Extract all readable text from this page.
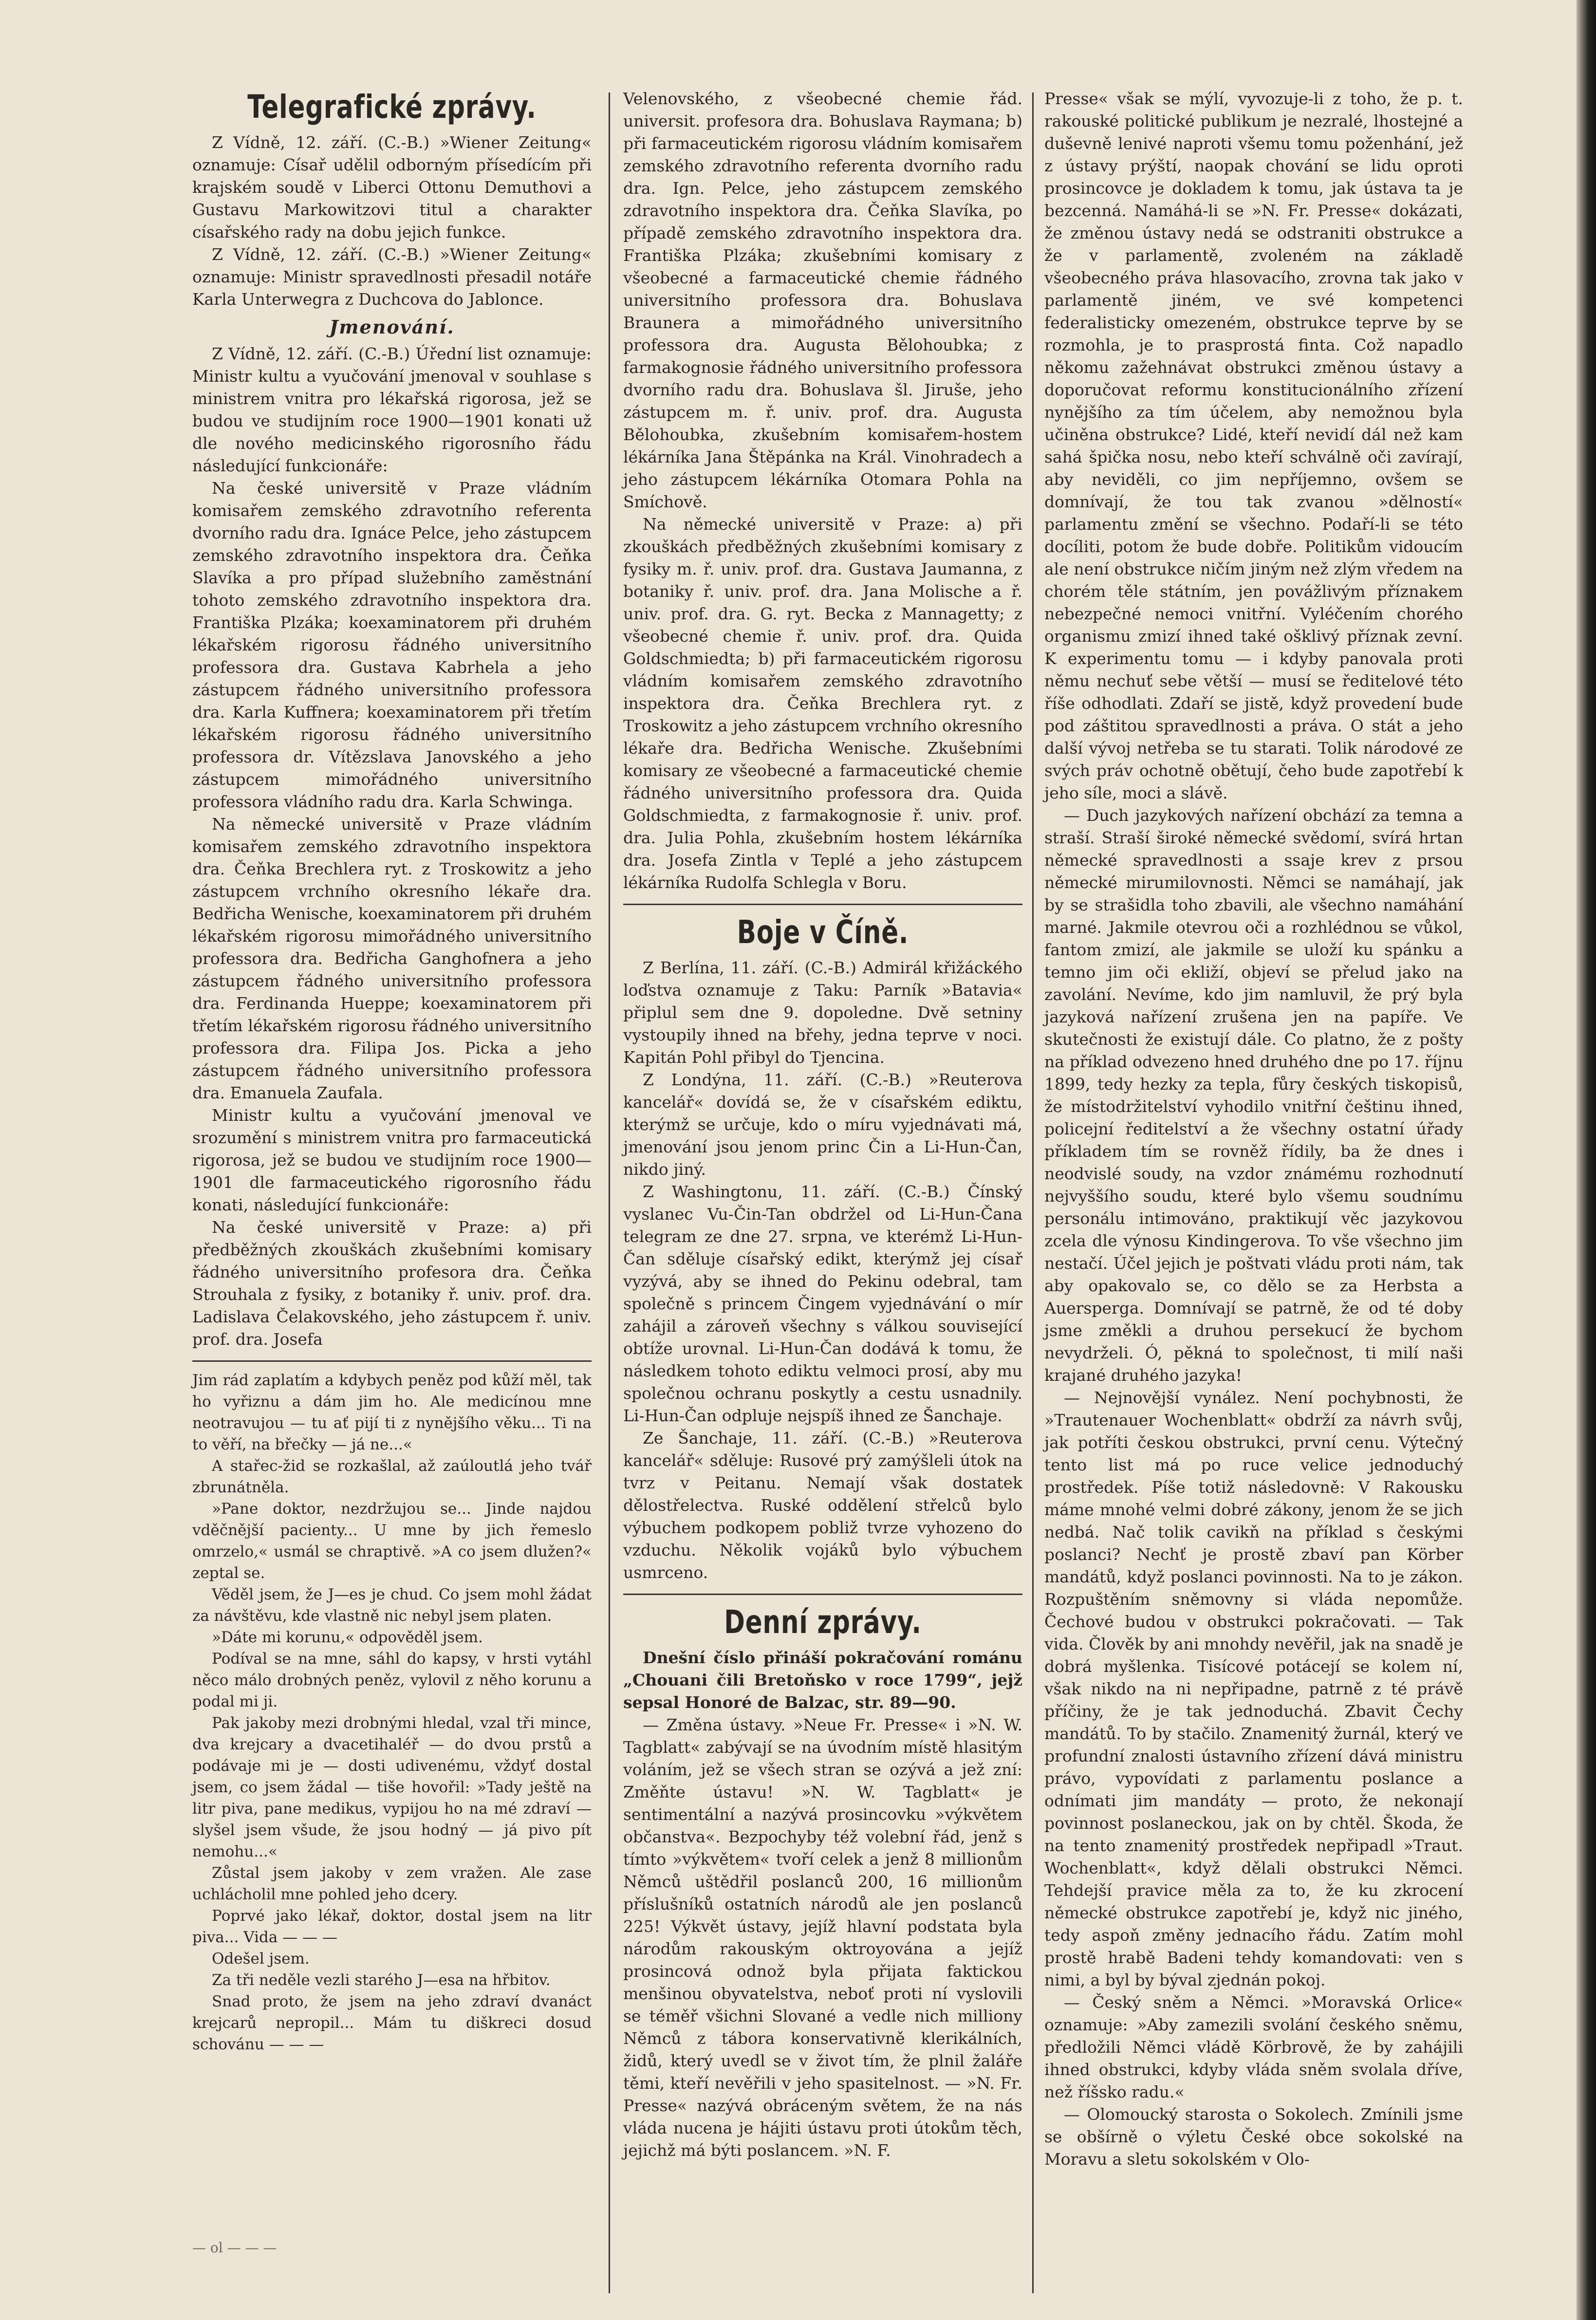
Telegrafické zprávy.

Z Vídně, 12. září. (C.-B.) »Wiener Zeitung« oznamuje: Císař udělil odborným přísedícím při krajském soudě v Liberci Ottonu Demuthovi a Gustavu Markowitzovi titul a charakter císařského rady na dobu jejich funkce.

Z Vídně, 12. září. (C.-B.) »Wiener Zeitung« oznamuje: Ministr spravedlnosti přesadil notáře Karla Unterwegra z Duchcova do Jablonce.

Jmenování.

Z Vídně, 12. září. (C.-B.) Úřední list oznamuje: Ministr kultu a vyučování jmenoval v souhlase s ministrem vnitra pro lékařská rigorosa, jež se budou ve studijním roce 1900—1901 konati už dle nového medicinského rigorosního řádu následující funkcionáře:

Na české universitě v Praze vládním komisařem zemského zdravotního referenta dvorního radu dra. Ignáce Pelce, jeho zástupcem zemského zdravotního inspektora dra. Čeňka Slavíka a pro případ služebního zaměstnání tohoto zemského zdravotního inspektora dra. Františka Plzáka; koexaminatorem při druhém lékařském rigorosu řádného universitního professora dra. Gustava Kabrhela a jeho zástupcem řádného universitního professora dra. Karla Kuffnera; koexaminatorem při třetím lékařském rigorosu řádného universitního professora dr. Vítězslava Janovského a jeho zástupcem mimořádného universitního professora vládního radu dra. Karla Schwinga.

Na německé universitě v Praze vládním komisařem zemského zdravotního inspektora dra. Čeňka Brechlera ryt. z Troskowitz a jeho zástupcem vrchního okresního lékaře dra. Bedřicha Wenische, koexaminatorem při druhém lékařském rigorosu mimořádného universitního professora dra. Bedřicha Ganghofnera a jeho zástupcem řádného universitního professora dra. Ferdinanda Hueppe; koexaminatorem při třetím lékařském rigorosu řádného universitního professora dra. Filipa Jos. Picka a jeho zástupcem řádného universitního professora dra. Emanuela Zaufala.

Ministr kultu a vyučování jmenoval ve srozumění s ministrem vnitra pro farmaceutická rigorosa, jež se budou ve studijním roce 1900—1901 dle farmaceutického rigorosního řádu konati, následující funkcionáře:

Na české universitě v Praze: a) při předběžných zkouškách zkušebními komisary řádného universitního profesora dra. Čeňka Strouhala z fysiky, z botaniky ř. univ. prof. dra. Ladislava Čelakovského, jeho zástupcem ř. univ. prof. dra. Josefa

Jim rád zaplatím a kdybych peněz pod kůží měl, tak ho vyřiznu a dám jim ho. Ale medicínou mne neotravujou — tu ať pijí ti z nynějšího věku... Ti na to věří, na břečky — já ne...«

A stařec-žid se rozkašlal, až zaúloutlá jeho tvář zbrunátněla.

»Pane doktor, nezdržujou se... Jinde najdou vděčnější pacienty... U mne by jich řemeslo omrzelo,« usmál se chraptivě. »A co jsem dlužen?« zeptal se.

Věděl jsem, že J—es je chud. Co jsem mohl žádat za návštěvu, kde vlastně nic nebyl jsem platen.

»Dáte mi korunu,« odpověděl jsem.

Podíval se na mne, sáhl do kapsy, v hrsti vytáhl něco málo drobných peněz, vylovil z něho korunu a podal mi ji.

Pak jakoby mezi drobnými hledal, vzal tři mince, dva krejcary a dvacetihaléř — do dvou prstů a podávaje mi je — dosti udivenému, vždyť dostal jsem, co jsem žádal — tiše hovořil: »Tady ještě na litr piva, pane medikus, vypijou ho na mé zdraví — slyšel jsem všude, že jsou hodný — já pivo pít nemohu...«

Zůstal jsem jakoby v zem vražen. Ale zase uchlácholil mne pohled jeho dcery.

Poprvé jako lékař, doktor, dostal jsem na litr piva... Vida — — —

Odešel jsem.

Za tři neděle vezli starého J—esa na hřbitov.

Snad proto, že jsem na jeho zdraví dvanáct krejcarů nepropil... Mám tu diškreci dosud schovánu — — —

— ol — — —

Velenovského, z všeobecné chemie řád. universit. profesora dra. Bohuslava Raymana; b) při farmaceutickém rigorosu vládním komisařem zemského zdravotního referenta dvorního radu dra. Ign. Pelce, jeho zástupcem zemského zdravotního inspektora dra. Čeňka Slavíka, po případě zemského zdravotního inspektora dra. Františka Plzáka; zkušebními komisary z všeobecné a farmaceutické chemie řádného universitního professora dra. Bohuslava Braunera a mimořádného universitního professora dra. Augusta Bělohoubka; z farmakognosie řádného universitního professora dvorního radu dra. Bohuslava šl. Jiruše, jeho zástupcem m. ř. univ. prof. dra. Augusta Bělohoubka, zkušebním komisařem-hostem lékárníka Jana Štěpánka na Král. Vinohradech a jeho zástupcem lékárníka Otomara Pohla na Smíchově.

Na německé universitě v Praze: a) při zkouškách předběžných zkušebními komisary z fysiky m. ř. univ. prof. dra. Gustava Jaumanna, z botaniky ř. univ. prof. dra. Jana Molische a ř. univ. prof. dra. G. ryt. Becka z Mannagetty; z všeobecné chemie ř. univ. prof. dra. Quida Goldschmiedta; b) při farmaceutickém rigorosu vládním komisařem zemského zdravotního inspektora dra. Čeňka Brechlera ryt. z Troskowitz a jeho zástupcem vrchního okresního lékaře dra. Bedřicha Wenische. Zkušebními komisary ze všeobecné a farmaceutické chemie řádného universitního professora dra. Quida Goldschmiedta, z farmakognosie ř. univ. prof. dra. Julia Pohla, zkušebním hostem lékárníka dra. Josefa Zintla v Teplé a jeho zástupcem lékárníka Rudolfa Schlegla v Boru.

Boje v Číně.

Z Berlína, 11. září. (C.-B.) Admirál křižáckého loďstva oznamuje z Taku: Parník »Batavia« připlul sem dne 9. dopoledne. Dvě setniny vystoupily ihned na břehy, jedna teprve v noci. Kapitán Pohl přibyl do Tjencina.

Z Londýna, 11. září. (C.-B.) »Reuterova kancelář« dovídá se, že v císařském ediktu, kterýmž se určuje, kdo o míru vyjednávati má, jmenování jsou jenom princ Čin a Li-Hun-Čan, nikdo jiný.

Z Washingtonu, 11. září. (C.-B.) Čínský vyslanec Vu-Čin-Tan obdržel od Li-Hun-Čana telegram ze dne 27. srpna, ve kterémž Li-Hun-Čan sděluje císařský edikt, kterýmž jej císař vyzývá, aby se ihned do Pekinu odebral, tam společně s princem Čingem vyjednávání o mír zahájil a zároveň všechny s válkou související obtíže urovnal. Li-Hun-Čan dodává k tomu, že následkem tohoto ediktu velmoci prosí, aby mu společnou ochranu poskytly a cestu usnadnily. Li-Hun-Čan odpluje nejspíš ihned ze Šanchaje.

Ze Šanchaje, 11. září. (C.-B.) »Reuterova kancelář« sděluje: Rusové prý zamýšleli útok na tvrz v Peitanu. Nemají však dostatek dělostřelectva. Ruské oddělení střelců bylo výbuchem podkopem pobliž tvrze vyhozeno do vzduchu. Několik vojáků bylo výbuchem usmrceno.

Denní zprávy.

Dnešní číslo přináší pokračování románu „Chouani čili Bretoňsko v roce 1799“, jejž sepsal Honoré de Balzac, str. 89—90.

— Změna ústavy. »Neue Fr. Presse« i »N. W. Tagblatt« zabývají se na úvodním místě hlasitým voláním, jež se všech stran se ozývá a jež zní: Změňte ústavu! »N. W. Tagblatt« je sentimentální a nazývá prosincovku »výkvětem občanstva«. Bezpochyby též volební řád, jenž s tímto »výkvětem« tvoří celek a jenž 8 millionům Němců uštědřil poslanců 200, 16 millionům příslušníků ostatních národů ale jen poslanců 225! Výkvět ústavy, jejíž hlavní podstata byla národům rakouským oktroyována a jejíž prosincová odnož byla přijata faktickou menšinou obyvatelstva, neboť proti ní vyslovili se téměř všichni Slované a vedle nich milliony Němců z tábora konservativně klerikálních, židů, který uvedl se v život tím, že plnil žaláře těmi, kteří nevěřili v jeho spasitelnost. — »N. Fr. Presse« nazývá obráceným světem, že na nás vláda nucena je hájiti ústavu proti útokům těch, jejichž má býti poslancem. »N. F.

Presse« však se mýlí, vyvozuje-li z toho, že p. t. rakouské politické publikum je nezralé, lhostejné a duševně lenivé naproti všemu tomu poženhání, jež z ústavy prýští, naopak chování se lidu oproti prosincovce je dokladem k tomu, jak ústava ta je bezcenná. Namáhá-li se »N. Fr. Presse« dokázati, že změnou ústavy nedá se odstraniti obstrukce a že v parlamentě, zvoleném na základě všeobecného práva hlasovacího, zrovna tak jako v parlamentě jiném, ve své kompetenci federalisticky omezeném, obstrukce teprve by se rozmohla, je to prasprostá finta. Což napadlo někomu zažehnávat obstrukci změnou ústavy a doporučovat reformu konstitucionálního zřízení nynějšího za tím účelem, aby nemožnou byla učiněna obstrukce? Lidé, kteří nevidí dál než kam sahá špička nosu, nebo kteří schválně oči zavírají, aby neviděli, co jim nepříjemno, ovšem se domnívají, že tou tak zvanou »dělností« parlamentu změní se všechno. Podaří-li se této docíliti, potom že bude dobře. Politikům vidoucím ale není obstrukce ničím jiným než zlým vředem na chorém těle státním, jen povážlivým příznakem nebezpečné nemoci vnitřní. Vyléčením chorého organismu zmizí ihned také ošklivý příznak zevní. K experimentu tomu — i kdyby panovala proti němu nechuť sebe větší — musí se ředitelové této říše odhodlati. Zdaří se jistě, když provedení bude pod záštitou spravedlnosti a práva. O stát a jeho další vývoj netřeba se tu starati. Tolik národové ze svých práv ochotně obětují, čeho bude zapotřebí k jeho síle, moci a slávě.

— Duch jazykových nařízení obchází za temna a straší. Straší široké německé svědomí, svírá hrtan německé spravedlnosti a ssaje krev z prsou německé mirumilovnosti. Němci se namáhají, jak by se strašidla toho zbavili, ale všechno namáhání marné. Jakmile otevrou oči a rozhlédnou se vůkol, fantom zmizí, ale jakmile se uloží ku spánku a temno jim oči ekliží, objeví se přelud jako na zavolání. Nevíme, kdo jim namluvil, že prý byla jazyková nařízení zrušena jen na papíře. Ve skutečnosti že existují dále. Co platno, že z pošty na příklad odvezeno hned druhého dne po 17. říjnu 1899, tedy hezky za tepla, fůry českých tiskopisů, že místodržitelství vyhodilo vnitřní češtinu ihned, policejní ředitelství a že všechny ostatní úřady příkladem tím se rovněž řídily, ba že dnes i neodvislé soudy, na vzdor známému rozhodnutí nejvyššího soudu, které bylo všemu soudnímu personálu intimováno, praktikují věc jazykovou zcela dle výnosu Kindingerova. To vše všechno jim nestačí. Účel jejich je poštvati vládu proti nám, tak aby opakovalo se, co dělo se za Herbsta a Auersperga. Domnívají se patrně, že od té doby jsme změkli a druhou persekucí že bychom nevydrželi. Ó, pěkná to společnost, ti milí naši krajané druhého jazyka!

— Nejnovější vynález. Není pochybnosti, že »Trautenauer Wochenblatt« obdrží za návrh svůj, jak potříti českou obstrukci, první cenu. Výtečný tento list má po ruce velice jednoduchý prostředek. Píše totiž následovně: V Rakousku máme mnohé velmi dobré zákony, jenom že se jich nedbá. Nač tolik cavikň na příklad s českými poslanci? Nechť je prostě zbaví pan Körber mandátů, když poslanci povinnosti. Na to je zákon. Rozpuštěním sněmovny si vláda nepomůže. Čechové budou v obstrukci pokračovati. — Tak vida. Člověk by ani mnohdy nevěřil, jak na snadě je dobrá myšlenka. Tisícové potácejí se kolem ní, však nikdo na ni nepřipadne, patrně z té právě příčiny, že je tak jednoduchá. Zbavit Čechy mandátů. To by stačilo. Znamenitý žurnál, který ve profundní znalosti ústavního zřízení dává ministru právo, vypovídati z parlamentu poslance a odnímati jim mandáty — proto, že nekonají povinnost poslaneckou, jak on by chtěl. Škoda, že na tento znamenitý prostředek nepřipadl »Traut. Wochenblatt«, když dělali obstrukci Němci. Tehdejší pravice měla za to, že ku zkrocení německé obstrukce zapotřebí je, když nic jiného, tedy aspoň změny jednacího řádu. Zatím mohl prostě hrabě Badeni tehdy komandovati: ven s nimi, a byl by býval zjednán pokoj.

— Český sněm a Němci. »Moravská Orlice« oznamuje: »Aby zamezili svolání českého sněmu, předložili Němci vládě Körbrově, že by zahájili ihned obstrukci, kdyby vláda sněm svolala dříve, než říšsko radu.«

— Olomoucký starosta o Sokolech. Zmínili jsme se obšírně o výletu České obce sokolské na Moravu a sletu sokolském v Olo-
